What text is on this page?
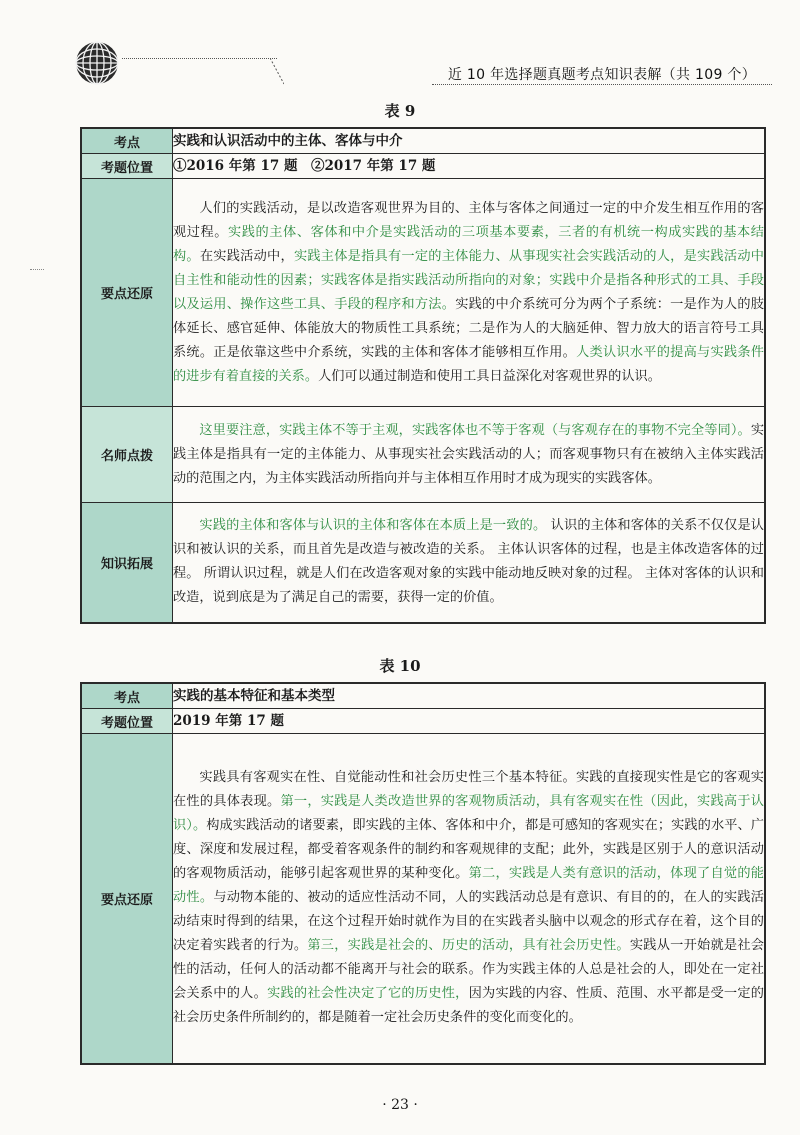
近 10 年选择题真题考点知识表解（共 109 个）
表 9
考点	实践和认识活动中的主体、客体与中介
考题位置	①2016 年第 17 题　②2017 年第 17 题
要点还原	人们的实践活动，是以改造客观世界为目的、主体与客体之间通过一定的中介发生相互作用的客观过程。实践的主体、客体和中介是实践活动的三项基本要素，三者的有机统一构成实践的基本结构。在实践活动中，实践主体是指具有一定的主体能力、从事现实社会实践活动的人，是实践活动中自主性和能动性的因素；实践客体是指实践活动所指向的对象；实践中介是指各种形式的工具、手段以及运用、操作这些工具、手段的程序和方法。实践的中介系统可分为两个子系统：一是作为人的肢体延长、感官延伸、体能放大的物质性工具系统；二是作为人的大脑延伸、智力放大的语言符号工具系统。正是依靠这些中介系统，实践的主体和客体才能够相互作用。人类认识水平的提高与实践条件的进步有着直接的关系。人们可以通过制造和使用工具日益深化对客观世界的认识。

名师点拨	这里要注意，实践主体不等于主观，实践客体也不等于客观（与客观存在的事物不完全等同）。实践主体是指具有一定的主体能力、从事现实社会实践活动的人；而客观事物只有在被纳入主体实践活动的范围之内，为主体实践活动所指向并与主体相互作用时才成为现实的实践客体。

知识拓展	实践的主体和客体与认识的主体和客体在本质上是一致的。 认识的主体和客体的关系不仅仅是认识和被认识的关系，而且首先是改造与被改造的关系。 主体认识客体的过程，也是主体改造客体的过程。 所谓认识过程，就是人们在改造客观对象的实践中能动地反映对象的过程。 主体对客体的认识和改造，说到底是为了满足自己的需要，获得一定的价值。

表 10
考点	实践的基本特征和基本类型
考题位置	2019 年第 17 题
要点还原	实践具有客观实在性、自觉能动性和社会历史性三个基本特征。实践的直接现实性是它的客观实在性的具体表现。第一，实践是人类改造世界的客观物质活动，具有客观实在性（因此，实践高于认识）。构成实践活动的诸要素，即实践的主体、客体和中介，都是可感知的客观实在；实践的水平、广度、深度和发展过程，都受着客观条件的制约和客观规律的支配；此外，实践是区别于人的意识活动的客观物质活动，能够引起客观世界的某种变化。第二，实践是人类有意识的活动，体现了自觉的能动性。与动物本能的、被动的适应性活动不同，人的实践活动总是有意识、有目的的，在人的实践活动结束时得到的结果，在这个过程开始时就作为目的在实践者头脑中以观念的形式存在着，这个目的决定着实践者的行为。第三，实践是社会的、历史的活动，具有社会历史性。实践从一开始就是社会性的活动，任何人的活动都不能离开与社会的联系。作为实践主体的人总是社会的人，即处在一定社会关系中的人。实践的社会性决定了它的历史性，因为实践的内容、性质、范围、水平都是受一定的社会历史条件所制约的，都是随着一定社会历史条件的变化而变化的。

· 23 ·
